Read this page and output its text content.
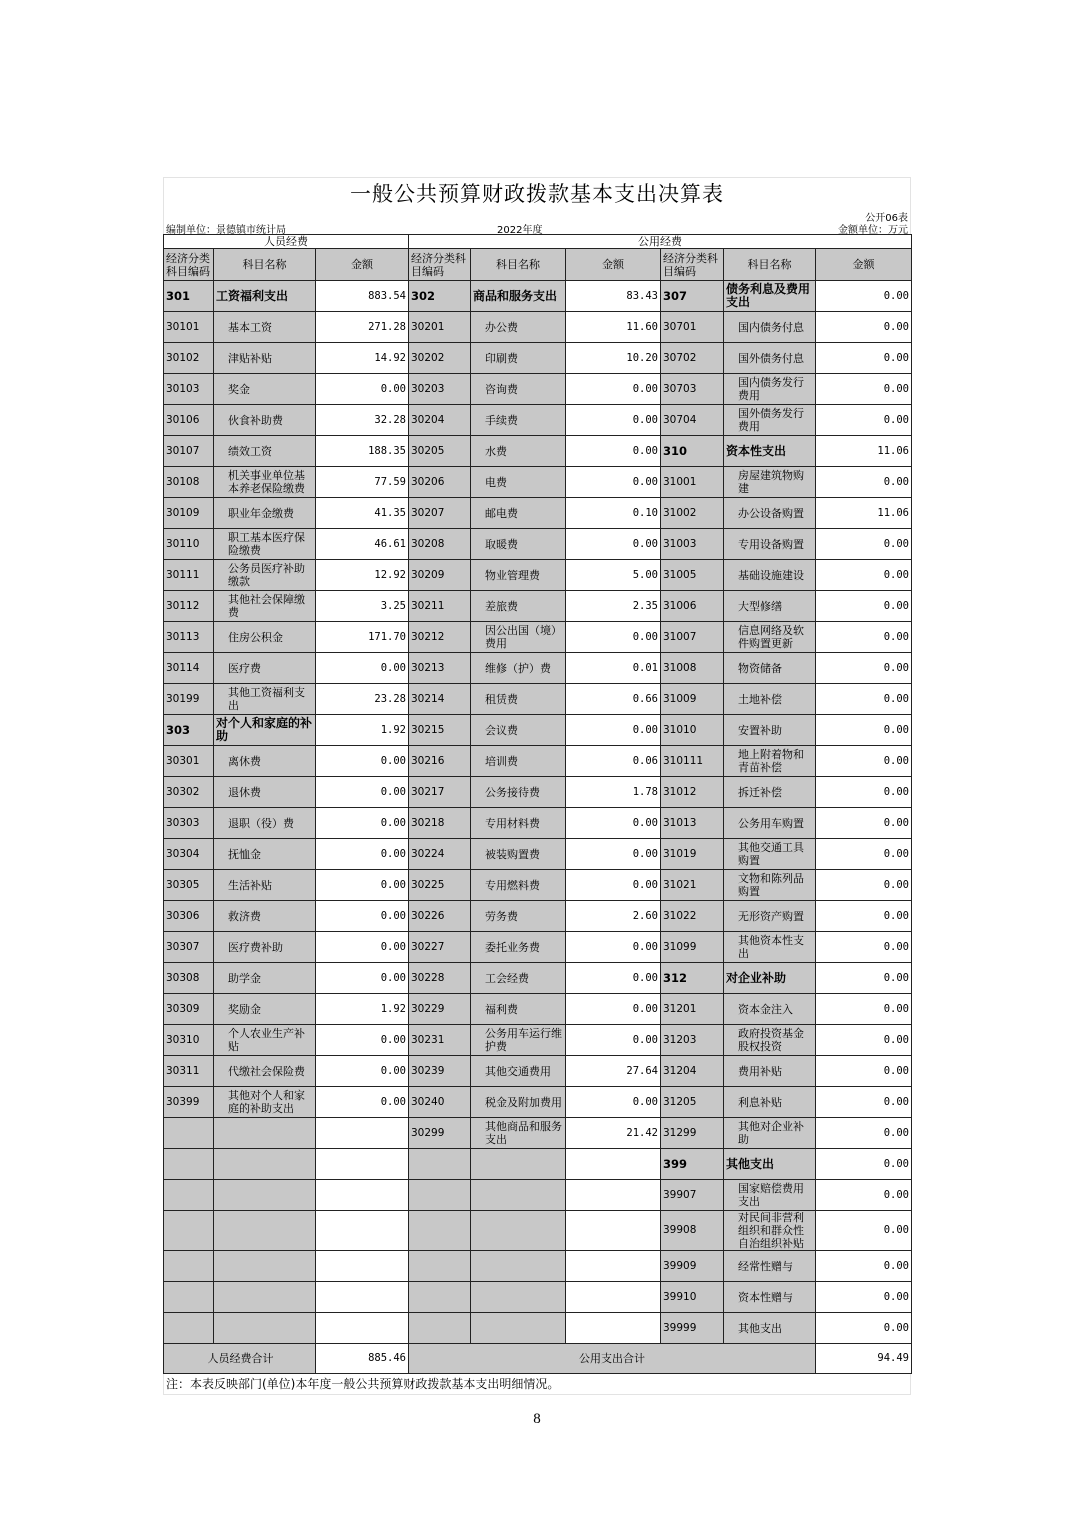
一般公共预算财政拨款基本支出决算表
公开06表
编制单位：景德镇市统计局	2022年度	金额单位：万元
人员经费			公用经费					
经济分类科目编码	科目名称	金额	经济分类科目编码	科目名称	金额	经济分类科目编码	科目名称	金额
301	工资福利支出	883.54	302	商品和服务支出	83.43	307	债务利息及费用支出	0.00
30101	基本工资	271.28	30201	办公费	11.60	30701	国内债务付息	0.00
30102	津贴补贴	14.92	30202	印刷费	10.20	30702	国外债务付息	0.00
30103	奖金	0.00	30203	咨询费	0.00	30703	国内债务发行费用	0.00
30106	伙食补助费	32.28	30204	手续费	0.00	30704	国外债务发行费用	0.00
30107	绩效工资	188.35	30205	水费	0.00	310	资本性支出	11.06
30108	机关事业单位基本养老保险缴费	77.59	30206	电费	0.00	31001	房屋建筑物购建	0.00
30109	职业年金缴费	41.35	30207	邮电费	0.10	31002	办公设备购置	11.06
30110	职工基本医疗保险缴费	46.61	30208	取暖费	0.00	31003	专用设备购置	0.00
30111	公务员医疗补助缴款	12.92	30209	物业管理费	5.00	31005	基础设施建设	0.00
30112	其他社会保障缴费	3.25	30211	差旅费	2.35	31006	大型修缮	0.00
30113	住房公积金	171.70	30212	因公出国（境）费用	0.00	31007	信息网络及软件购置更新	0.00
30114	医疗费	0.00	30213	维修（护）费	0.01	31008	物资储备	0.00
30199	其他工资福利支出	23.28	30214	租赁费	0.66	31009	土地补偿	0.00
303	对个人和家庭的补助	1.92	30215	会议费	0.00	31010	安置补助	0.00
30301	离休费	0.00	30216	培训费	0.06	310111	地上附着物和青苗补偿	0.00
30302	退休费	0.00	30217	公务接待费	1.78	31012	拆迁补偿	0.00
30303	退职（役）费	0.00	30218	专用材料费	0.00	31013	公务用车购置	0.00
30304	抚恤金	0.00	30224	被装购置费	0.00	31019	其他交通工具购置	0.00
30305	生活补贴	0.00	30225	专用燃料费	0.00	31021	文物和陈列品购置	0.00
30306	救济费	0.00	30226	劳务费	2.60	31022	无形资产购置	0.00
30307	医疗费补助	0.00	30227	委托业务费	0.00	31099	其他资本性支出	0.00
30308	助学金	0.00	30228	工会经费	0.00	312	对企业补助	0.00
30309	奖励金	1.92	30229	福利费	0.00	31201	资本金注入	0.00
30310	个人农业生产补贴	0.00	30231	公务用车运行维护费	0.00	31203	政府投资基金股权投资	0.00
30311	代缴社会保险费	0.00	30239	其他交通费用	27.64	31204	费用补贴	0.00
30399	其他对个人和家庭的补助支出	0.00	30240	税金及附加费用	0.00	31205	利息补贴	0.00
			30299	其他商品和服务支出	21.42	31299	其他对企业补助	0.00
						399	其他支出	0.00
						39907	国家赔偿费用支出	0.00
						39908	对民间非营利组织和群众性自治组织补贴	0.00
						39909	经常性赠与	0.00
						39910	资本性赠与	0.00
						39999	其他支出	0.00
人员经费合计		885.46	公用支出合计					94.49
注：本表反映部门(单位)本年度一般公共预算财政拨款基本支出明细情况。
8
